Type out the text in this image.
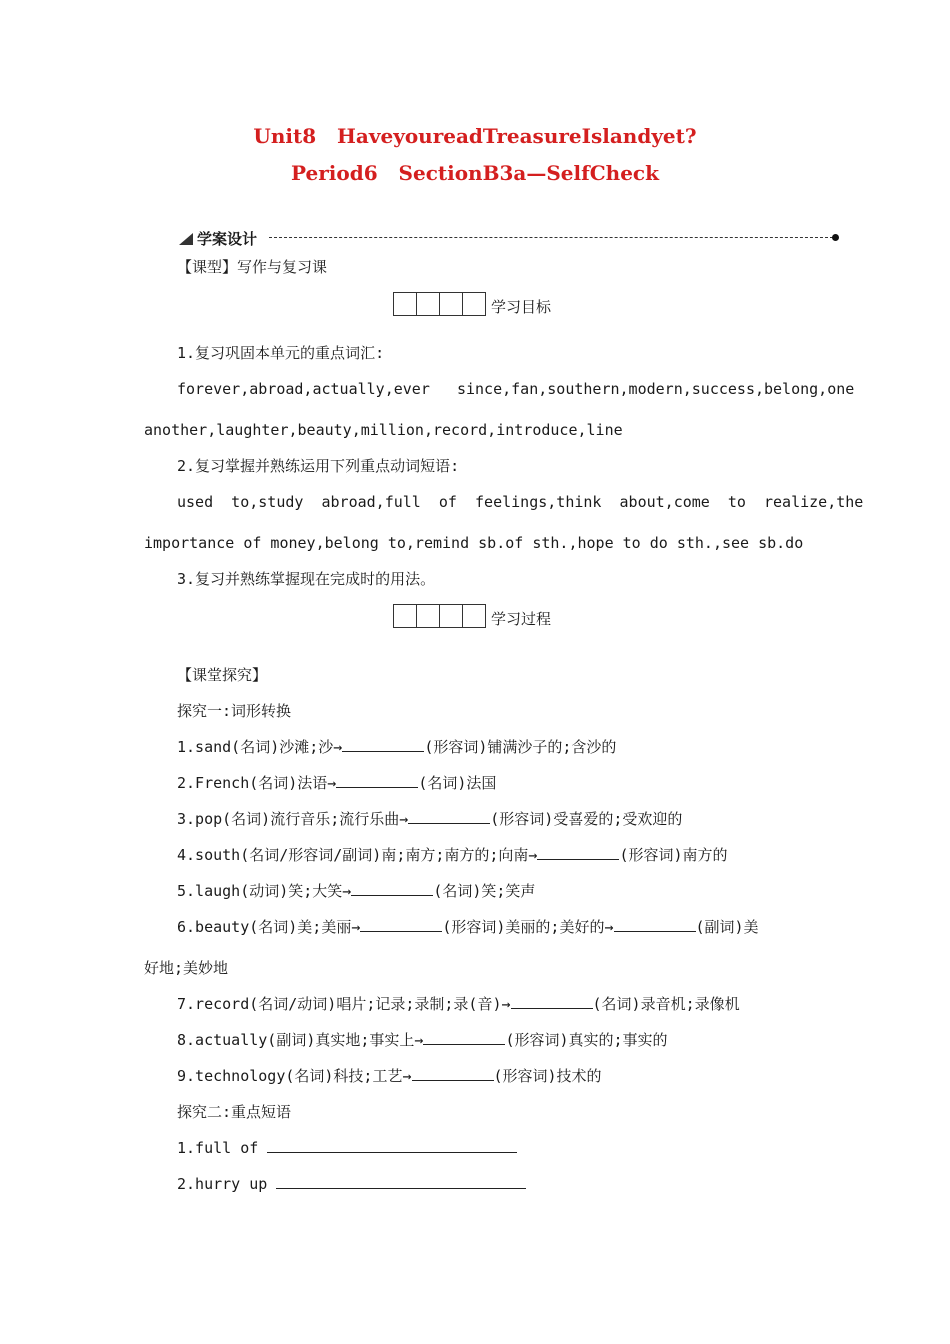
Unit8   HaveyoureadTreasureIslandyet?
Period6   SectionB3a—SelfCheck
学案设计
【课型】写作与复习课
学习目标
1.复习巩固本单元的重点词汇:
forever,abroad,actually,ever   since,fan,southern,modern,success,belong,one
another,laughter,beauty,million,record,introduce,line
2.复习掌握并熟练运用下列重点动词短语:
used  to,study  abroad,full  of  feelings,think  about,come  to  realize,the
importance of money,belong to,remind sb.of sth.,hope to do sth.,see sb.do
3.复习并熟练掌握现在完成时的用法。
学习过程
【课堂探究】
探究一:词形转换
1.sand(名词)沙滩;沙→	(形容词)铺满沙子的;含沙的
2.French(名词)法语→	(名词)法国
3.pop(名词)流行音乐;流行乐曲→	(形容词)受喜爱的;受欢迎的
4.south(名词/形容词/副词)南;南方;南方的;向南→	(形容词)南方的
5.laugh(动词)笑;大笑→	(名词)笑;笑声
6.beauty(名词)美;美丽→	(形容词)美丽的;美好的→	(副词)美
好地;美妙地
7.record(名词/动词)唱片;记录;录制;录(音)→	(名词)录音机;录像机
8.actually(副词)真实地;事实上→	(形容词)真实的;事实的
9.technology(名词)科技;工艺→	(形容词)技术的
探究二:重点短语
1.full of
2.hurry up
